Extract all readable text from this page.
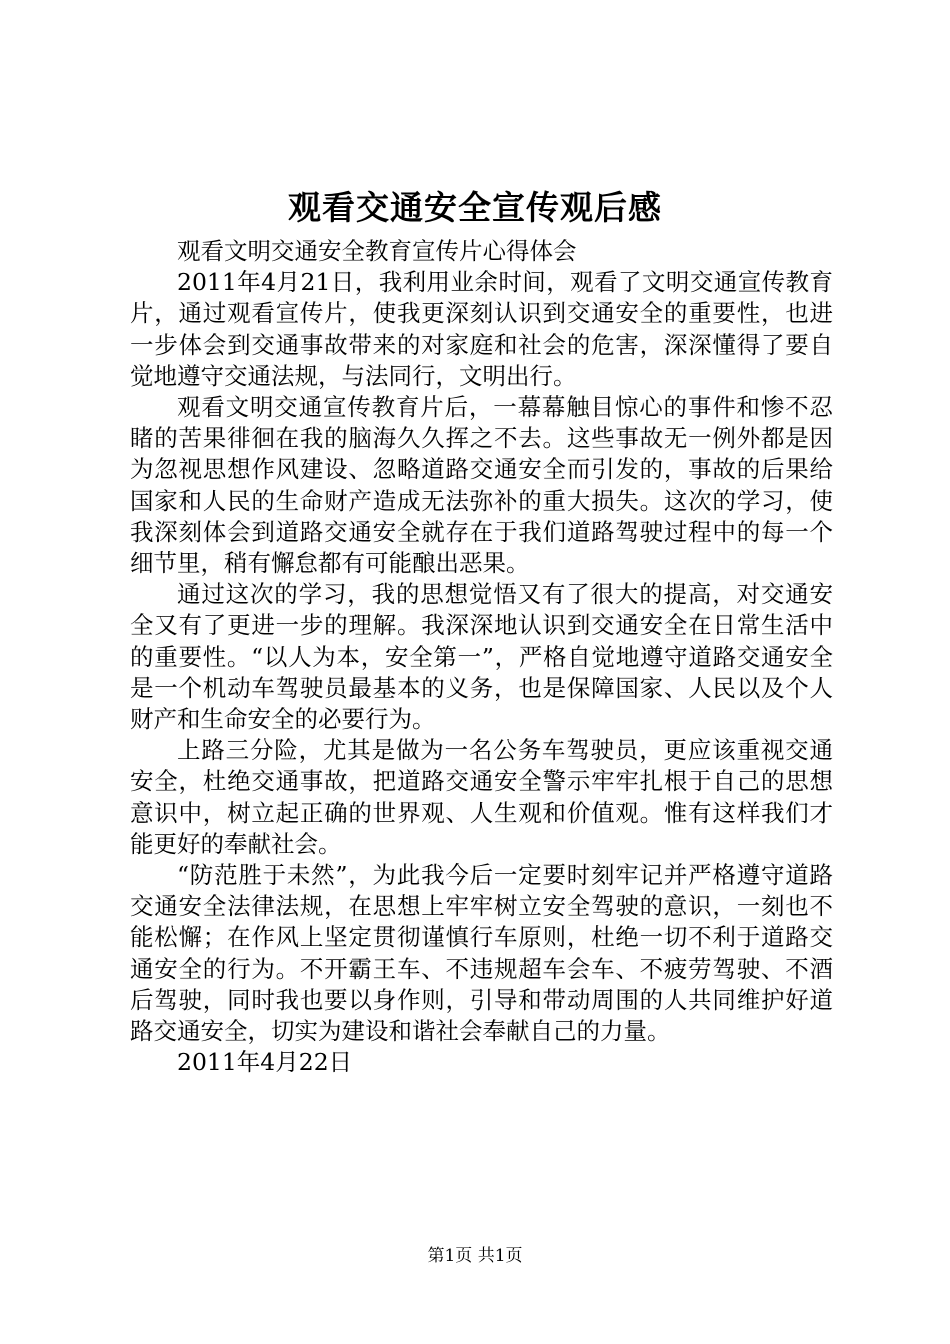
观看交通安全宣传观后感

观看文明交通安全教育宣传片心得体会

2011年4月21日，我利用业余时间，观看了文明交通宣传教育片，通过观看宣传片，使我更深刻认识到交通安全的重要性，也进一步体会到交通事故带来的对家庭和社会的危害，深深懂得了要自觉地遵守交通法规，与法同行，文明出行。

观看文明交通宣传教育片后，一幕幕触目惊心的事件和惨不忍睹的苦果徘徊在我的脑海久久挥之不去。这些事故无一例外都是因为忽视思想作风建设、忽略道路交通安全而引发的，事故的后果给国家和人民的生命财产造成无法弥补的重大损失。这次的学习，使我深刻体会到道路交通安全就存在于我们道路驾驶过程中的每一个细节里，稍有懈怠都有可能酿出恶果。

通过这次的学习，我的思想觉悟又有了很大的提高，对交通安全又有了更进一步的理解。我深深地认识到交通安全在日常生活中的重要性。“以人为本，安全第一”，严格自觉地遵守道路交通安全是一个机动车驾驶员最基本的义务，也是保障国家、人民以及个人财产和生命安全的必要行为。

上路三分险，尤其是做为一名公务车驾驶员，更应该重视交通安全，杜绝交通事故，把道路交通安全警示牢牢扎根于自己的思想意识中，树立起正确的世界观、人生观和价值观。惟有这样我们才能更好的奉献社会。

“防范胜于未然”，为此我今后一定要时刻牢记并严格遵守道路交通安全法律法规，在思想上牢牢树立安全驾驶的意识，一刻也不能松懈；在作风上坚定贯彻谨慎行车原则，杜绝一切不利于道路交通安全的行为。不开霸王车、不违规超车会车、不疲劳驾驶、不酒后驾驶，同时我也要以身作则，引导和带动周围的人共同维护好道路交通安全，切实为建设和谐社会奉献自己的力量。

2011年4月22日

第1页 共1页
